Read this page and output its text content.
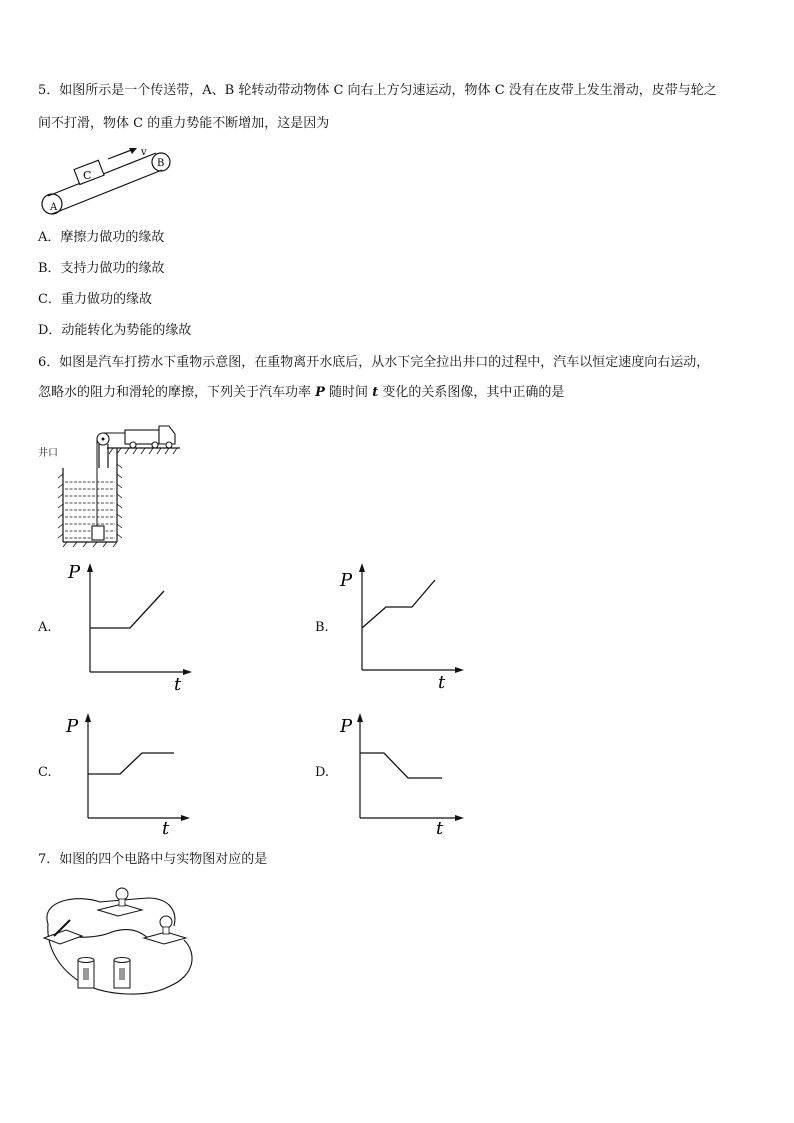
5．如图所示是一个传送带，A、B 轮转动带动物体 C 向右上方匀速运动，物体 C 没有在皮带上发生滑动，皮带与轮之
间不打滑，物体 C 的重力势能不断增加，这是因为
A
B
C
v
A．摩擦力做功的缘故
B．支持力做功的缘故
C．重力做功的缘故
D．动能转化为势能的缘故
6．如图是汽车打捞水下重物示意图，在重物离开水底后，从水下完全拉出井口的过程中，汽车以恒定速度向右运动，
忽略水的阻力和滑轮的摩擦，下列关于汽车功率 P 随时间 t 变化的关系图像，其中正确的是
井口
A.	B.
C.	D.
P
t
P
t
P
t
P
t
7．如图的四个电路中与实物图对应的是
